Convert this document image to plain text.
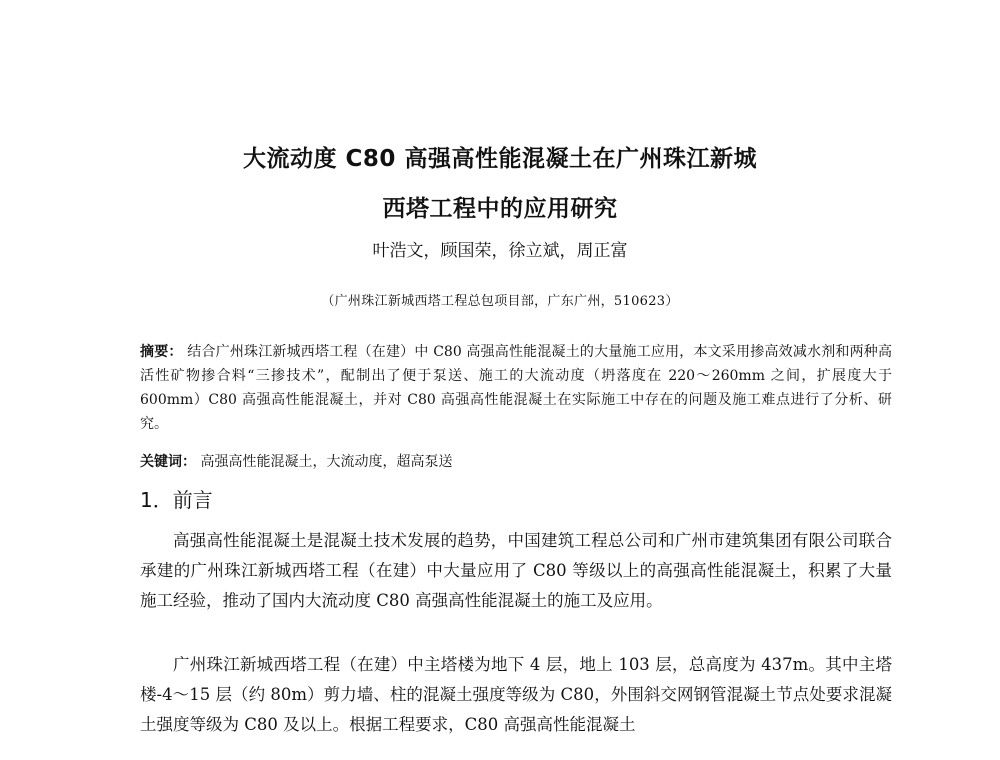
大流动度 C80 高强高性能混凝土在广州珠江新城
西塔工程中的应用研究
叶浩文，顾国荣，徐立斌，周正富
（广州珠江新城西塔工程总包项目部，广东广州，510623）
摘要： 结合广州珠江新城西塔工程（在建）中 C80 高强高性能混凝土的大量施工应用，本文采用掺高效减水剂和两种高活性矿物掺合料“三掺技术”，配制出了便于泵送、施工的大流动度（坍落度在 220～260mm 之间，扩展度大于 600mm）C80 高强高性能混凝土，并对 C80 高强高性能混凝土在实际施工中存在的问题及施工难点进行了分析、研究。
关键词： 高强高性能混凝土，大流动度，超高泵送
1．前言

高强高性能混凝土是混凝土技术发展的趋势，中国建筑工程总公司和广州市建筑集团有限公司联合承建的广州珠江新城西塔工程（在建）中大量应用了 C80 等级以上的高强高性能混凝土，积累了大量施工经验，推动了国内大流动度 C80 高强高性能混凝土的施工及应用。

广州珠江新城西塔工程（在建）中主塔楼为地下 4 层，地上 103 层，总高度为 437m。其中主塔楼-4～15 层（约 80m）剪力墙、柱的混凝土强度等级为 C80，外围斜交网钢管混凝土节点处要求混凝土强度等级为 C80 及以上。根据工程要求，C80 高强高性能混凝土
